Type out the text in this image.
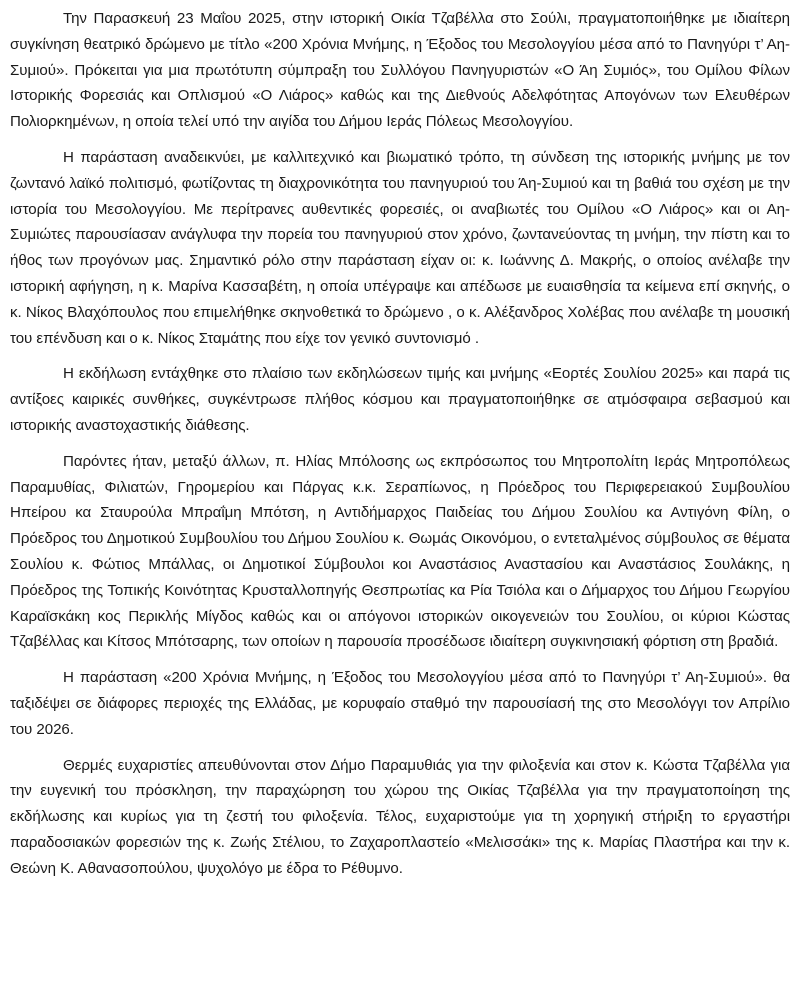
Την Παρασκευή 23 Μαΐου 2025, στην ιστορική Οικία Τζαβέλλα στο Σούλι, πραγματοποιήθηκε με ιδιαίτερη συγκίνηση θεατρικό δρώμενο με τίτλο «200 Χρόνια Μνήμης, η Έξοδος του Μεσολογγίου μέσα από το Πανηγύρι τ’ Αη-Συμιού». Πρόκειται για μια πρωτότυπη σύμπραξη του Συλλόγου Πανηγυριστών «Ο Άη Συμιός», του Ομίλου Φίλων Ιστορικής Φορεσιάς και Οπλισμού «Ο Λιάρος» καθώς και της Διεθνούς Αδελφότητας Απογόνων των Ελευθέρων Πολιορκημένων, η οποία τελεί υπό την αιγίδα του Δήμου Ιεράς Πόλεως Μεσολογγίου.

Η παράσταση αναδεικνύει, με καλλιτεχνικό και βιωματικό τρόπο, τη σύνδεση της ιστορικής μνήμης με τον ζωντανό λαϊκό πολιτισμό, φωτίζοντας τη διαχρονικότητα του πανηγυριού του Άη-Συμιού και τη βαθιά του σχέση με την ιστορία του Μεσολογγίου. Με περίτρανες αυθεντικές φορεσιές, οι αναβιωτές του Ομίλου «Ο Λιάρος» και οι Αη-Συμιώτες παρουσίασαν ανάγλυφα την πορεία του πανηγυριού στον χρόνο, ζωντανεύοντας τη μνήμη, την πίστη και το ήθος των προγόνων μας. Σημαντικό ρόλο στην παράσταση είχαν οι: κ. Ιωάννης Δ. Μακρής, ο οποίος ανέλαβε την ιστορική αφήγηση, η κ. Μαρίνα Κασσαβέτη, η οποία υπέγραψε και απέδωσε με ευαισθησία τα κείμενα επί σκηνής, ο κ. Νίκος Βλαχόπουλος που επιμελήθηκε σκηνοθετικά το δρώμενο , ο κ. Αλέξανδρος Χολέβας που ανέλαβε τη μουσική του επένδυση και ο κ. Νίκος Σταμάτης που είχε τον γενικό συντονισμό .

Η εκδήλωση εντάχθηκε στο πλαίσιο των εκδηλώσεων τιμής και μνήμης «Εορτές Σουλίου 2025» και παρά τις αντίξοες καιρικές συνθήκες, συγκέντρωσε πλήθος κόσμου και πραγματοποιήθηκε σε ατμόσφαιρα σεβασμού και ιστορικής αναστοχαστικής διάθεσης.

Παρόντες ήταν, μεταξύ άλλων, π. Ηλίας Μπόλοσης ως εκπρόσωπος του Μητροπολίτη Ιεράς Μητροπόλεως Παραμυθίας, Φιλιατών, Γηρομερίου και Πάργας κ.κ. Σεραπίωνος, η Πρόεδρος του Περιφερειακού Συμβουλίου Ηπείρου κα Σταυρούλα Μπραΐμη Μπότση, η Αντιδήμαρχος Παιδείας του Δήμου Σουλίου κα Αντιγόνη Φίλη, ο Πρόεδρος του Δημοτικού Συμβουλίου του Δήμου Σουλίου κ. Θωμάς Οικονόμου, ο εντεταλμένος σύμβουλος σε θέματα Σουλίου κ. Φώτιος Μπάλλας, οι Δημοτικοί Σύμβουλοι κοι Αναστάσιος Αναστασίου και Αναστάσιος Σουλάκης, η Πρόεδρος της Τοπικής Κοινότητας Κρυσταλλοπηγής Θεσπρωτίας κα Ρία Τσιόλα και ο Δήμαρχος του Δήμου Γεωργίου Καραϊσκάκη κος Περικλής Μίγδος καθώς και οι απόγονοι ιστορικών οικογενειών του Σουλίου, οι κύριοι Κώστας Τζαβέλλας και Κίτσος Μπότσαρης, των οποίων η παρουσία προσέδωσε ιδιαίτερη συγκινησιακή φόρτιση στη βραδιά.

Η παράσταση «200 Χρόνια Μνήμης, η Έξοδος του Μεσολογγίου μέσα από το Πανηγύρι τ’ Αη-Συμιού». θα ταξιδέψει σε διάφορες περιοχές της Ελλάδας, με κορυφαίο σταθμό την παρουσίασή της στο Μεσολόγγι τον Απρίλιο του 2026.

Θερμές ευχαριστίες απευθύνονται στον Δήμο Παραμυθιάς για την φιλοξενία και στον κ. Κώστα Τζαβέλλα για την ευγενική του πρόσκληση, την παραχώρηση του χώρου της Οικίας Τζαβέλλα για την πραγματοποίηση της εκδήλωσης και κυρίως για τη ζεστή του φιλοξενία. Τέλος, ευχαριστούμε για τη χορηγική στήριξη το εργαστήρι παραδοσιακών φορεσιών της κ. Ζωής Στέλιου, το Ζαχαροπλαστείο «Μελισσάκι» της κ. Μαρίας Πλαστήρα και την κ. Θεώνη Κ. Αθανασοπούλου, ψυχολόγο με έδρα το Ρέθυμνο.
